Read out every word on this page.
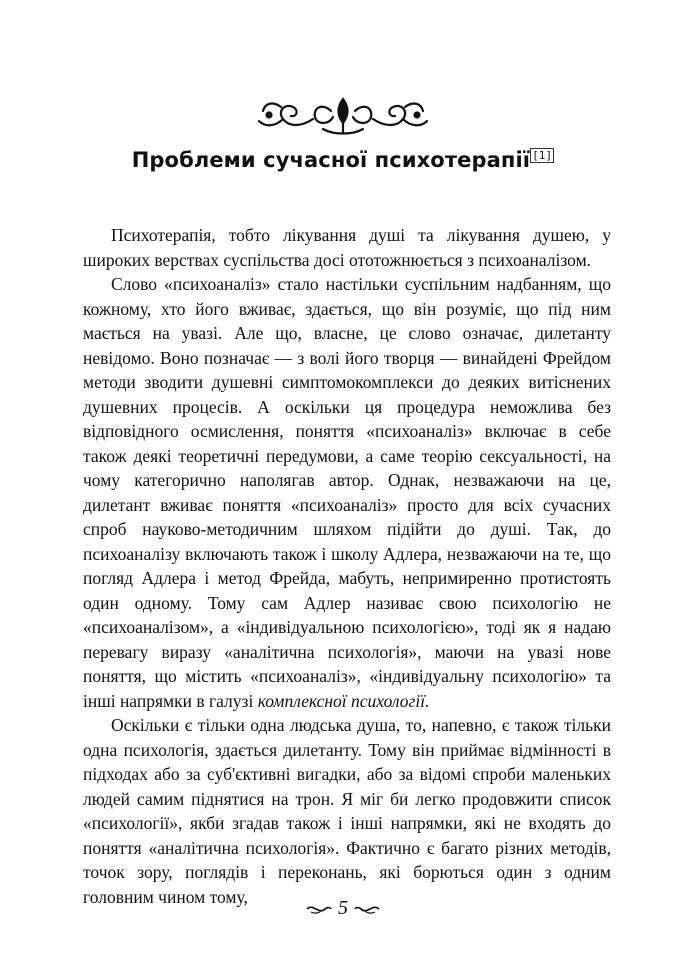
Проблеми сучасної психотерапії [1]

Психотерапія, тобто лікування душі та лікування душею, у широких верствах суспільства досі ототожнюється з психоаналізом.

Слово «психоаналіз» стало настільки суспільним надбанням, що кожному, хто його вживає, здається, що він розуміє, що під ним мається на увазі. Але що, власне, це слово означає, дилетанту невідомо. Воно позначає — з волі його творця — винайдені Фрейдом методи зводити душевні симптомокомплекси до деяких витіснених душевних процесів. А оскільки ця процедура неможлива без відповідного осмислення, поняття «психоаналіз» включає в себе також деякі теоретичні передумови, а саме теорію сексуальності, на чому категорично наполягав автор. Однак, незважаючи на це, дилетант вживає поняття «психоаналіз» просто для всіх сучасних спроб науково-методичним шляхом підійти до душі. Так, до психоаналізу включають також і школу Адлера, незважаючи на те, що погляд Адлера і метод Фрейда, мабуть, непримиренно протистоять один одному. Тому сам Адлер називає свою психологію не «психоаналізом», а «індивідуальною психологією», тоді як я надаю перевагу виразу «аналітична психологія», маючи на увазі нове поняття, що містить «психоаналіз», «індивідуальну психологію» та інші напрямки в галузі комплексної психології.

Оскільки є тільки одна людська душа, то, напевно, є також тільки одна психологія, здається дилетанту. Тому він приймає відмінності в підходах або за суб'єктивні вигадки, або за відомі спроби маленьких людей самим піднятися на трон. Я міг би легко продовжити список «психології», якби згадав також і інші напрямки, які не входять до поняття «аналітична психологія». Фактично є багато різних методів, точок зору, поглядів і переконань, які борються один з одним головним чином тому,

5
